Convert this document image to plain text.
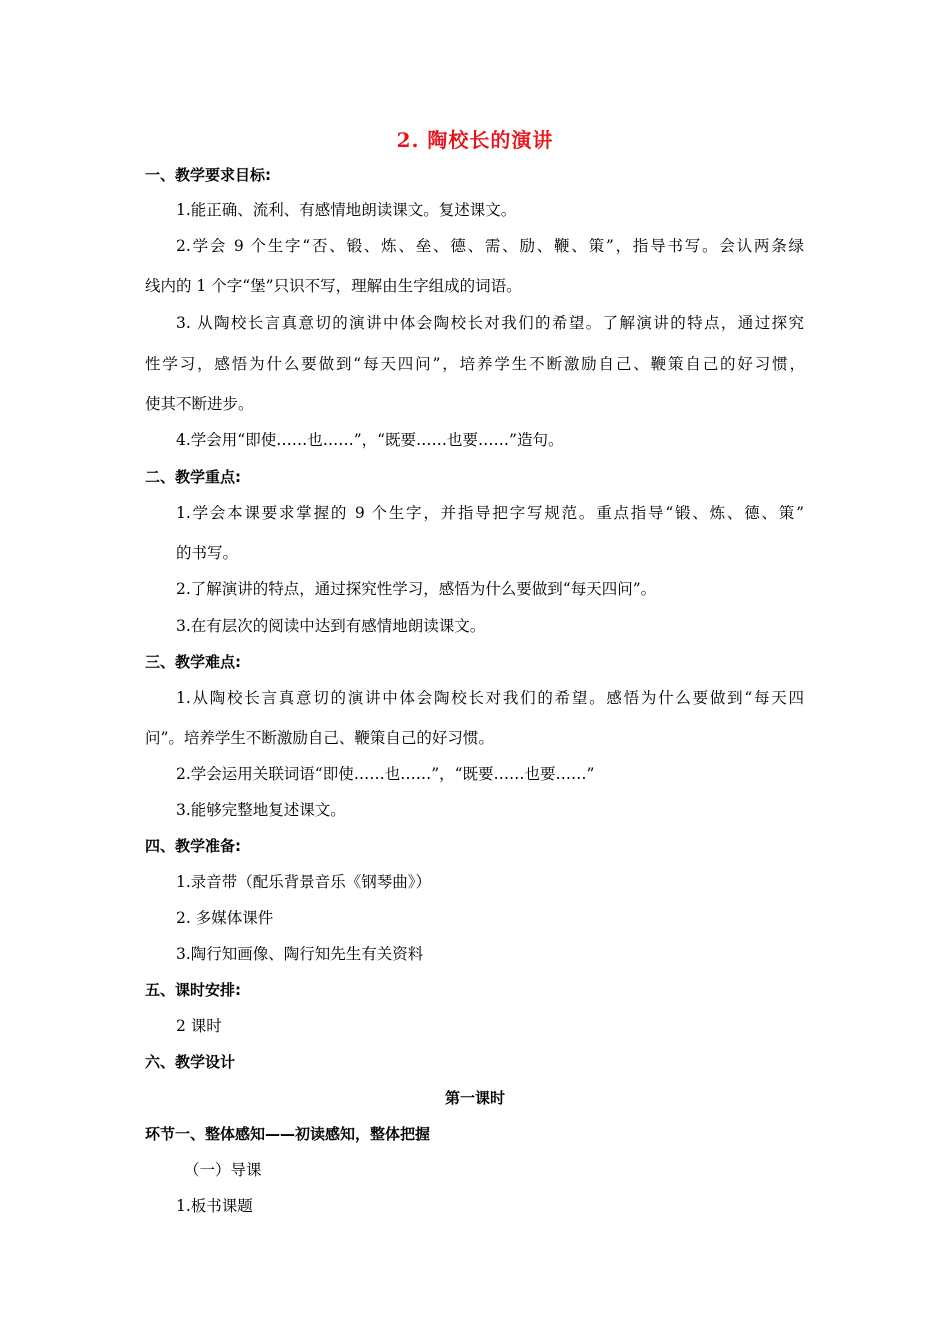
2. 陶校长的演讲
一、教学要求目标:
1.能正确、流利、有感情地朗读课文。复述课文。
2.学会 9 个生字“否、锻、炼、垒、德、需、励、鞭、策”，指导书写。会认两条绿
线内的 1 个字“堡”只识不写，理解由生字组成的词语。
3. 从陶校长言真意切的演讲中体会陶校长对我们的希望。了解演讲的特点，通过探究
性学习，感悟为什么要做到“每天四问”，培养学生不断激励自己、鞭策自己的好习惯，
使其不断进步。
4.学会用“即使……也……”，“既要……也要……”造句。
二、教学重点:
1.学会本课要求掌握的 9 个生字，并指导把字写规范。重点指导“锻、炼、德、策”
的书写。
2.了解演讲的特点，通过探究性学习，感悟为什么要做到“每天四问”。
3.在有层次的阅读中达到有感情地朗读课文。
三、教学难点:
1.从陶校长言真意切的演讲中体会陶校长对我们的希望。感悟为什么要做到“每天四
问”。培养学生不断激励自己、鞭策自己的好习惯。
2.学会运用关联词语“即使……也……”，“既要……也要……”
3.能够完整地复述课文。
四、教学准备:
1.录音带（配乐背景音乐《钢琴曲》）
2. 多媒体课件
3.陶行知画像、陶行知先生有关资料
五、课时安排:
2 课时
六、教学设计
第一课时
环节一、整体感知——初读感知，整体把握
（一）导课
1.板书课题
